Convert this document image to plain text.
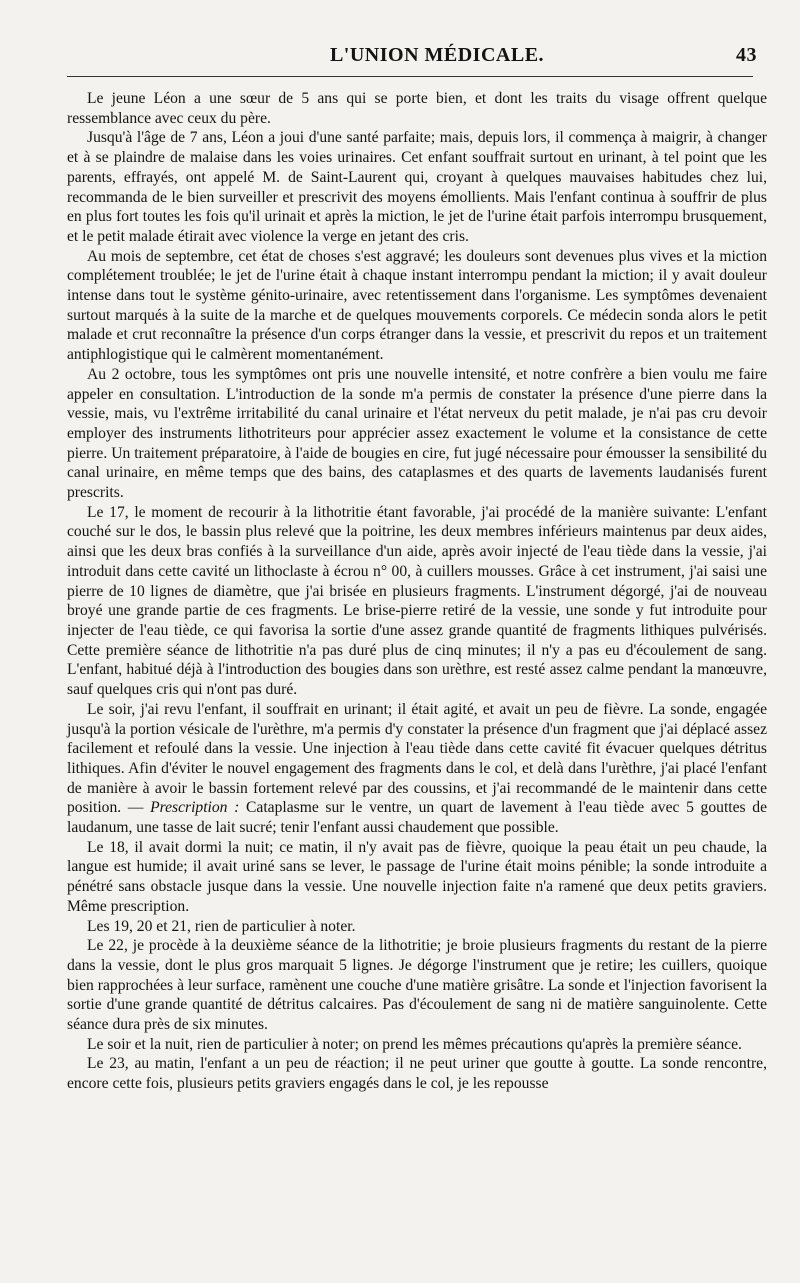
L'UNION MÉDICALE.	43

Le jeune Léon a une sœur de 5 ans qui se porte bien, et dont les traits du visage offrent quelque ressemblance avec ceux du père.

Jusqu'à l'âge de 7 ans, Léon a joui d'une santé parfaite; mais, depuis lors, il commença à maigrir, à changer et à se plaindre de malaise dans les voies urinaires. Cet enfant souffrait surtout en urinant, à tel point que les parents, effrayés, ont appelé M. de Saint-Laurent qui, croyant à quelques mauvaises habitudes chez lui, recommanda de le bien surveiller et prescrivit des moyens émollients. Mais l'enfant continua à souffrir de plus en plus fort toutes les fois qu'il urinait et après la miction, le jet de l'urine était parfois interrompu brusquement, et le petit malade étirait avec violence la verge en jetant des cris.

Au mois de septembre, cet état de choses s'est aggravé; les douleurs sont devenues plus vives et la miction complétement troublée; le jet de l'urine était à chaque instant interrompu pendant la miction; il y avait douleur intense dans tout le système génito-urinaire, avec retentissement dans l'organisme. Les symptômes devenaient surtout marqués à la suite de la marche et de quelques mouvements corporels. Ce médecin sonda alors le petit malade et crut reconnaître la présence d'un corps étranger dans la vessie, et prescrivit du repos et un traitement antiphlogistique qui le calmèrent momentanément.

Au 2 octobre, tous les symptômes ont pris une nouvelle intensité, et notre confrère a bien voulu me faire appeler en consultation. L'introduction de la sonde m'a permis de constater la présence d'une pierre dans la vessie, mais, vu l'extrême irritabilité du canal urinaire et l'état nerveux du petit malade, je n'ai pas cru devoir employer des instruments lithotriteurs pour apprécier assez exactement le volume et la consistance de cette pierre. Un traitement préparatoire, à l'aide de bougies en cire, fut jugé nécessaire pour émousser la sensibilité du canal urinaire, en même temps que des bains, des cataplasmes et des quarts de lavements laudanisés furent prescrits.

Le 17, le moment de recourir à la lithotritie étant favorable, j'ai procédé de la manière suivante: L'enfant couché sur le dos, le bassin plus relevé que la poitrine, les deux membres inférieurs maintenus par deux aides, ainsi que les deux bras confiés à la surveillance d'un aide, après avoir injecté de l'eau tiède dans la vessie, j'ai introduit dans cette cavité un lithoclaste à écrou n° 00, à cuillers mousses. Grâce à cet instrument, j'ai saisi une pierre de 10 lignes de diamètre, que j'ai brisée en plusieurs fragments. L'instrument dégorgé, j'ai de nouveau broyé une grande partie de ces fragments. Le brise-pierre retiré de la vessie, une sonde y fut introduite pour injecter de l'eau tiède, ce qui favorisa la sortie d'une assez grande quantité de fragments lithiques pulvérisés. Cette première séance de lithotritie n'a pas duré plus de cinq minutes; il n'y a pas eu d'écoulement de sang. L'enfant, habitué déjà à l'introduction des bougies dans son urèthre, est resté assez calme pendant la manœuvre, sauf quelques cris qui n'ont pas duré.

Le soir, j'ai revu l'enfant, il souffrait en urinant; il était agité, et avait un peu de fièvre. La sonde, engagée jusqu'à la portion vésicale de l'urèthre, m'a permis d'y constater la présence d'un fragment que j'ai déplacé assez facilement et refoulé dans la vessie. Une injection à l'eau tiède dans cette cavité fit évacuer quelques détritus lithiques. Afin d'éviter le nouvel engagement des fragments dans le col, et delà dans l'urèthre, j'ai placé l'enfant de manière à avoir le bassin fortement relevé par des coussins, et j'ai recommandé de le maintenir dans cette position. — Prescription : Cataplasme sur le ventre, un quart de lavement à l'eau tiède avec 5 gouttes de laudanum, une tasse de lait sucré; tenir l'enfant aussi chaudement que possible.

Le 18, il avait dormi la nuit; ce matin, il n'y avait pas de fièvre, quoique la peau était un peu chaude, la langue est humide; il avait uriné sans se lever, le passage de l'urine était moins pénible; la sonde introduite a pénétré sans obstacle jusque dans la vessie. Une nouvelle injection faite n'a ramené que deux petits graviers. Même prescription.

Les 19, 20 et 21, rien de particulier à noter.

Le 22, je procède à la deuxième séance de la lithotritie; je broie plusieurs fragments du restant de la pierre dans la vessie, dont le plus gros marquait 5 lignes. Je dégorge l'instrument que je retire; les cuillers, quoique bien rapprochées à leur surface, ramènent une couche d'une matière grisâtre. La sonde et l'injection favorisent la sortie d'une grande quantité de détritus calcaires. Pas d'écoulement de sang ni de matière sanguinolente. Cette séance dura près de six minutes.

Le soir et la nuit, rien de particulier à noter; on prend les mêmes précautions qu'après la première séance.

Le 23, au matin, l'enfant a un peu de réaction; il ne peut uriner que goutte à goutte. La sonde rencontre, encore cette fois, plusieurs petits graviers engagés dans le col, je les repousse
